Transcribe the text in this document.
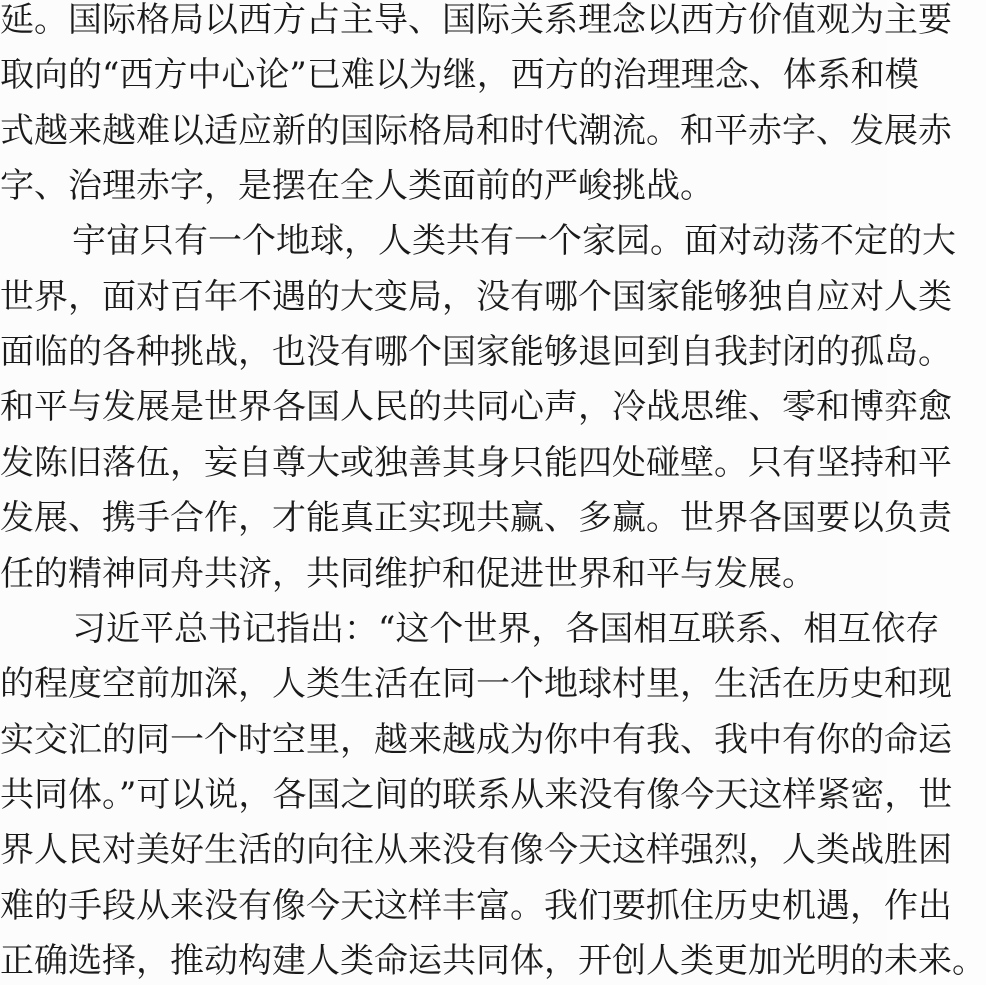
延。国际格局以西方占主导、国际关系理念以西方价值观为主要
取向的“西方中心论”已难以为继，西方的治理理念、体系和模
式越来越难以适应新的国际格局和时代潮流。和平赤字、发展赤
字、治理赤字，是摆在全人类面前的严峻挑战。
宇宙只有一个地球，人类共有一个家园。面对动荡不定的大
世界，面对百年不遇的大变局，没有哪个国家能够独自应对人类
面临的各种挑战，也没有哪个国家能够退回到自我封闭的孤岛。
和平与发展是世界各国人民的共同心声，冷战思维、零和博弈愈
发陈旧落伍，妄自尊大或独善其身只能四处碰壁。只有坚持和平
发展、携手合作，才能真正实现共赢、多赢。世界各国要以负责
任的精神同舟共济，共同维护和促进世界和平与发展。
习近平总书记指出：“这个世界，各国相互联系、相互依存
的程度空前加深，人类生活在同一个地球村里，生活在历史和现
实交汇的同一个时空里，越来越成为你中有我、我中有你的命运
共同体。”可以说，各国之间的联系从来没有像今天这样紧密，世
界人民对美好生活的向往从来没有像今天这样强烈，人类战胜困
难的手段从来没有像今天这样丰富。我们要抓住历史机遇，作出
正确选择，推动构建人类命运共同体，开创人类更加光明的未来。
